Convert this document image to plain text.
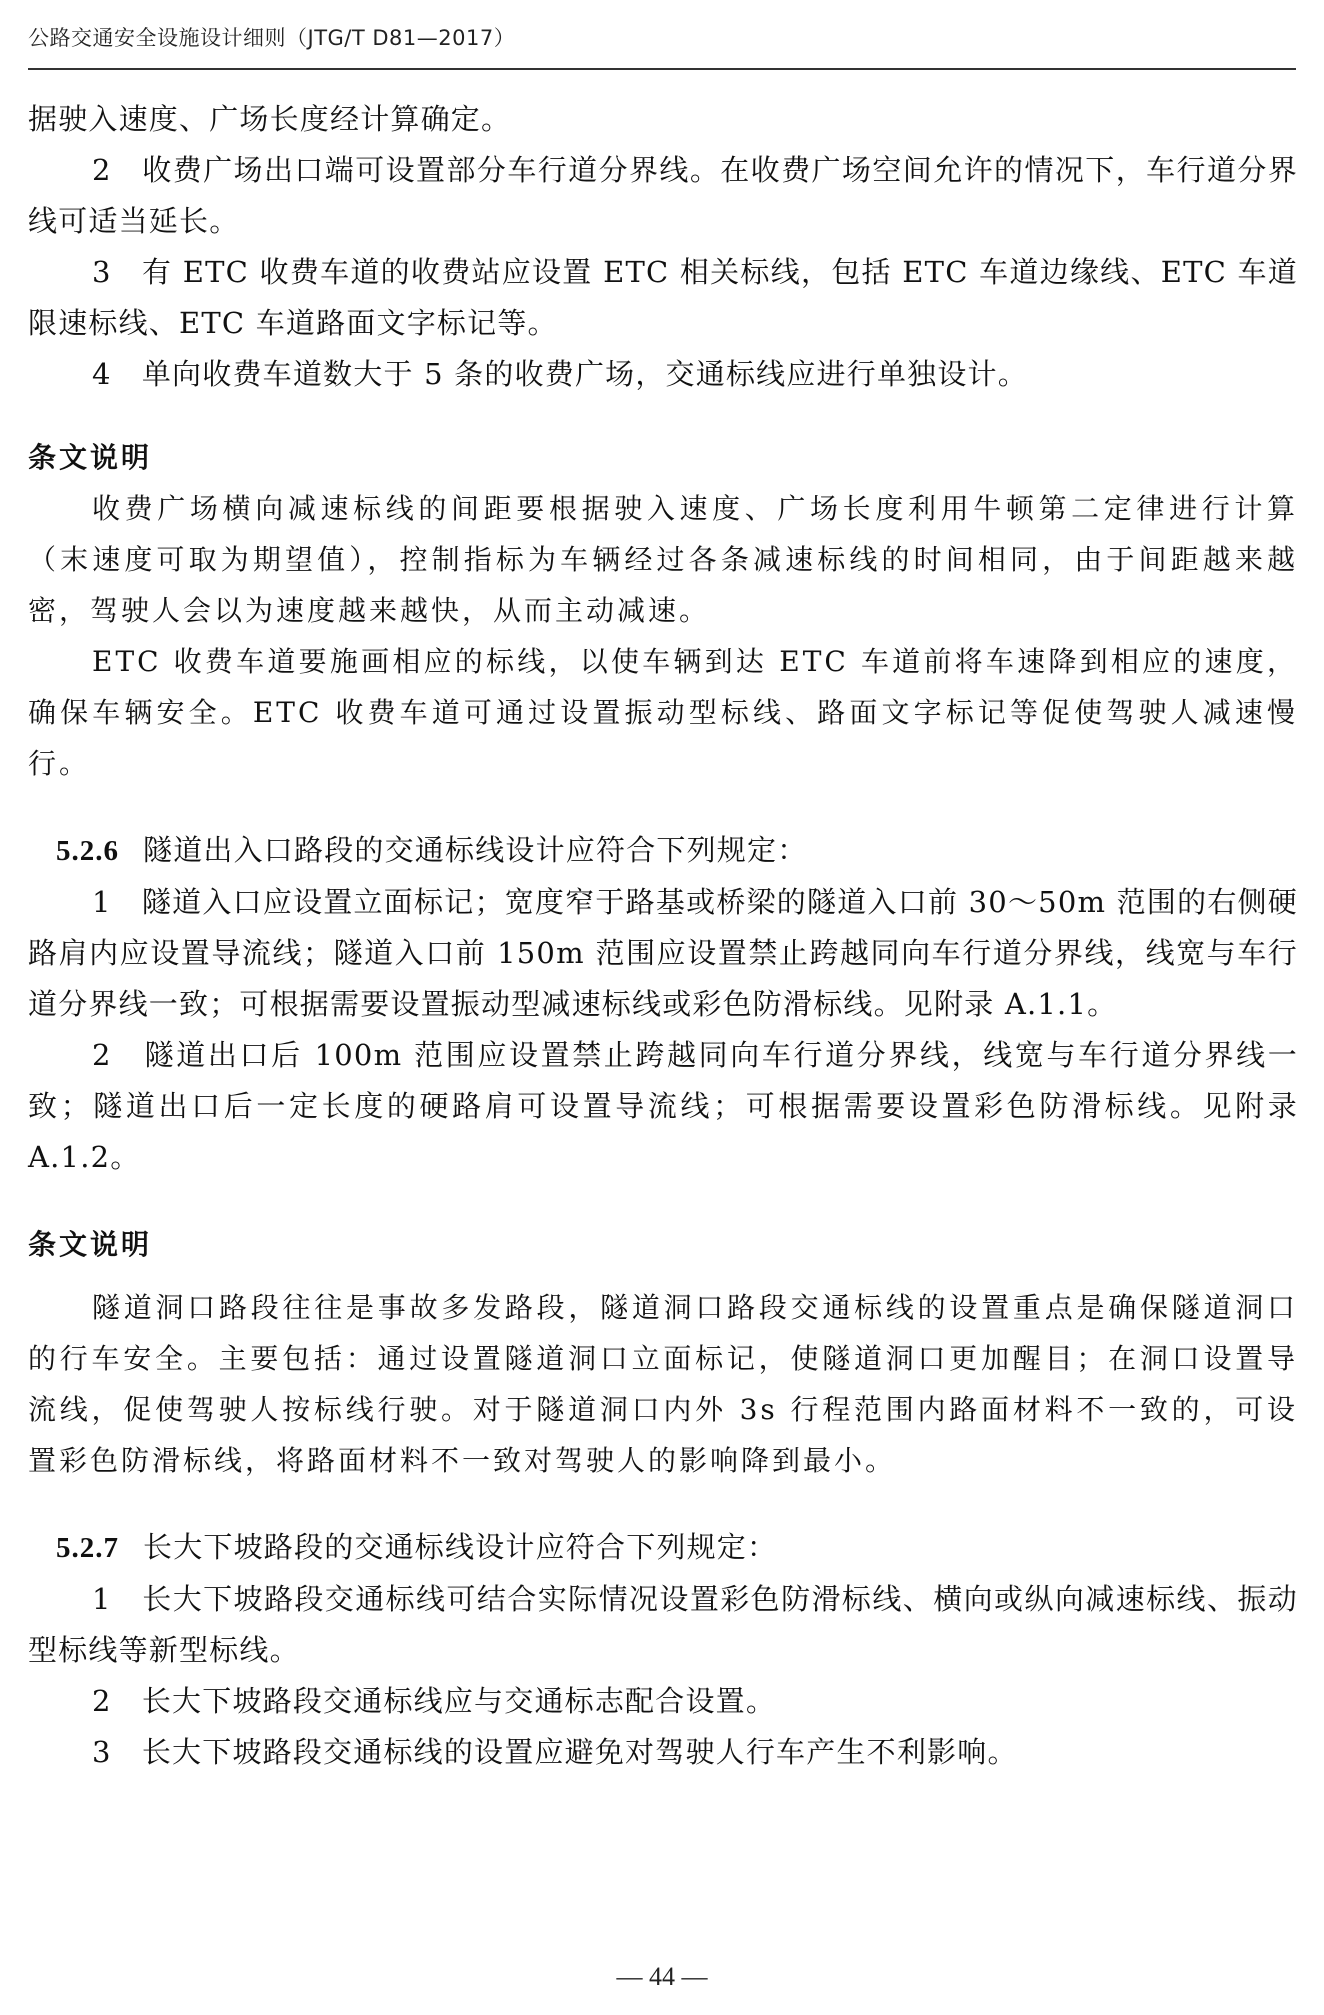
公路交通安全设施设计细则（JTG/T D81—2017）

据驶入速度、广场长度经计算确定。

2　收费广场出口端可设置部分车行道分界线。在收费广场空间允许的情况下，车行道分界线可适当延长。

3　有 ETC 收费车道的收费站应设置 ETC 相关标线，包括 ETC 车道边缘线、ETC 车道限速标线、ETC 车道路面文字标记等。

4　单向收费车道数大于 5 条的收费广场，交通标线应进行单独设计。

条文说明

收费广场横向减速标线的间距要根据驶入速度、广场长度利用牛顿第二定律进行计算（末速度可取为期望值），控制指标为车辆经过各条减速标线的时间相同，由于间距越来越密，驾驶人会以为速度越来越快，从而主动减速。

ETC 收费车道要施画相应的标线，以使车辆到达 ETC 车道前将车速降到相应的速度，确保车辆安全。ETC 收费车道可通过设置振动型标线、路面文字标记等促使驾驶人减速慢行。

5.2.6 隧道出入口路段的交通标线设计应符合下列规定：

1　隧道入口应设置立面标记；宽度窄于路基或桥梁的隧道入口前 30～50m 范围的右侧硬路肩内应设置导流线；隧道入口前 150m 范围应设置禁止跨越同向车行道分界线，线宽与车行道分界线一致；可根据需要设置振动型减速标线或彩色防滑标线。见附录 A.1.1。

2　隧道出口后 100m 范围应设置禁止跨越同向车行道分界线，线宽与车行道分界线一致；隧道出口后一定长度的硬路肩可设置导流线；可根据需要设置彩色防滑标线。见附录 A.1.2。

条文说明

隧道洞口路段往往是事故多发路段，隧道洞口路段交通标线的设置重点是确保隧道洞口的行车安全。主要包括：通过设置隧道洞口立面标记，使隧道洞口更加醒目；在洞口设置导流线，促使驾驶人按标线行驶。对于隧道洞口内外 3s 行程范围内路面材料不一致的，可设置彩色防滑标线，将路面材料不一致对驾驶人的影响降到最小。

5.2.7 长大下坡路段的交通标线设计应符合下列规定：

1　长大下坡路段交通标线可结合实际情况设置彩色防滑标线、横向或纵向减速标线、振动型标线等新型标线。

2　长大下坡路段交通标线应与交通标志配合设置。

3　长大下坡路段交通标线的设置应避免对驾驶人行车产生不利影响。

— 44 —
